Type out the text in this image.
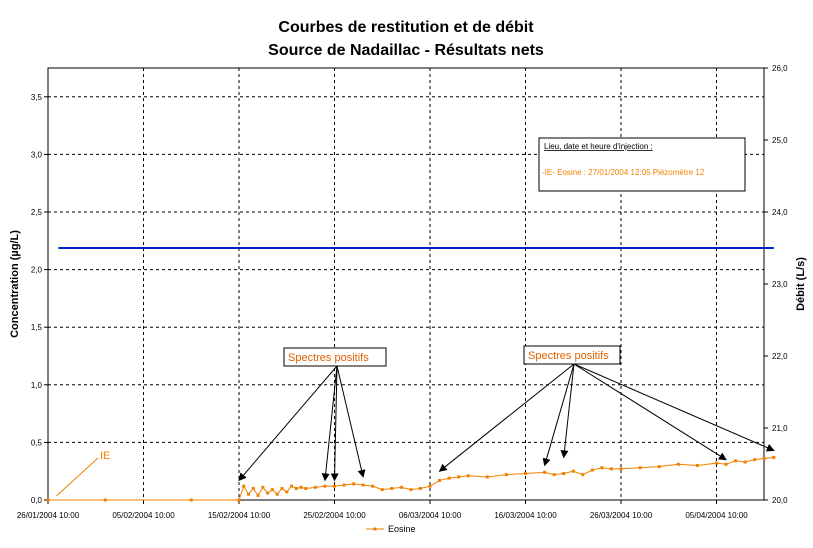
Courbes de restitution et de débit
Source de Nadaillac - Résultats nets
0,0
0,5
1,0
1,5
2,0
2,5
3,0
3,5
20,0
21,0
22,0
23,0
24,0
25,0
26,0
26/01/2004 10:00	05/02/2004 10:00	15/02/2004 10:00	25/02/2004 10:00	06/03/2004 10:00	16/03/2004 10:00	26/03/2004 10:00	05/04/2004 10:00
Concentration (µg/L)	Débit (L/s)
IE
Lieu, date et heure d'injection :
-IE- Eosine : 27/01/2004 12:05 Piézomètre 12
Spectres positifs	Spectres positifs
Eosine
